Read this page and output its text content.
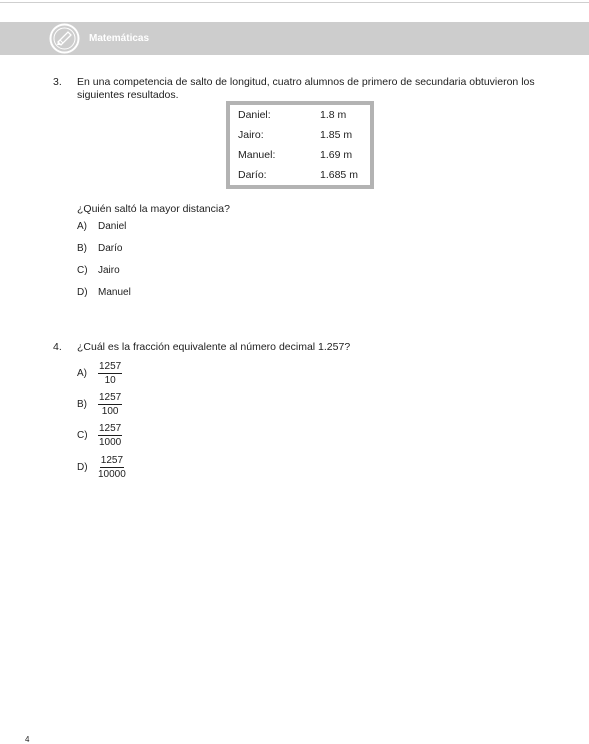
Matemáticas
3. En una competencia de salto de longitud, cuatro alumnos de primero de secundaria obtuvieron los
siguientes resultados.
Daniel:	1.8 m
Jairo:	1.85 m
Manuel:	1.69 m
Darío:	1.685 m
¿Quién saltó la mayor distancia?
A) Daniel
B) Darío
C) Jairo
D) Manuel
4. ¿Cuál es la fracción equivalente al número decimal 1.257?
$A) \frac{1257}{10}$
$B) \frac{1257}{100}$
$C) \frac{1257}{1000}$
$D) \frac{1257}{10000}$
4
